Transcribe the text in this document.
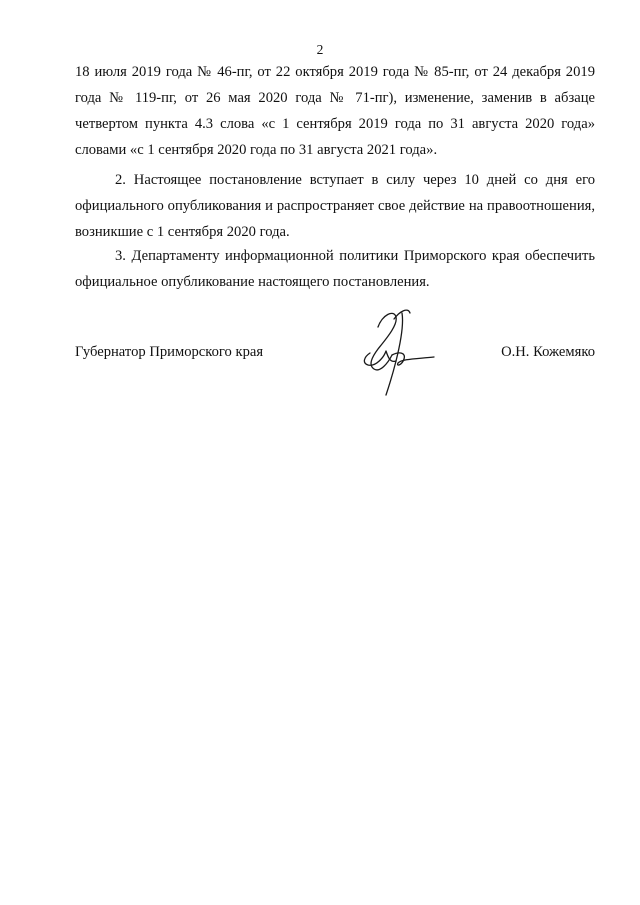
2

18 июля 2019 года № 46-пг, от 22 октября 2019 года № 85-пг, от 24 декабря 2019 года № 119-пг, от 26 мая 2020 года № 71-пг), изменение, заменив в абзаце четвертом пункта 4.3 слова «с 1 сентября 2019 года по 31 августа 2020 года» словами «с 1 сентября 2020 года по 31 августа 2021 года».

2. Настоящее постановление вступает в силу через 10 дней со дня его официального опубликования и распространяет свое действие на правоотношения, возникшие с 1 сентября 2020 года.

3. Департаменту информационной политики Приморского края обеспечить официальное опубликование настоящего постановления.

Губернатор Приморского края	О.Н. Кожемяко
